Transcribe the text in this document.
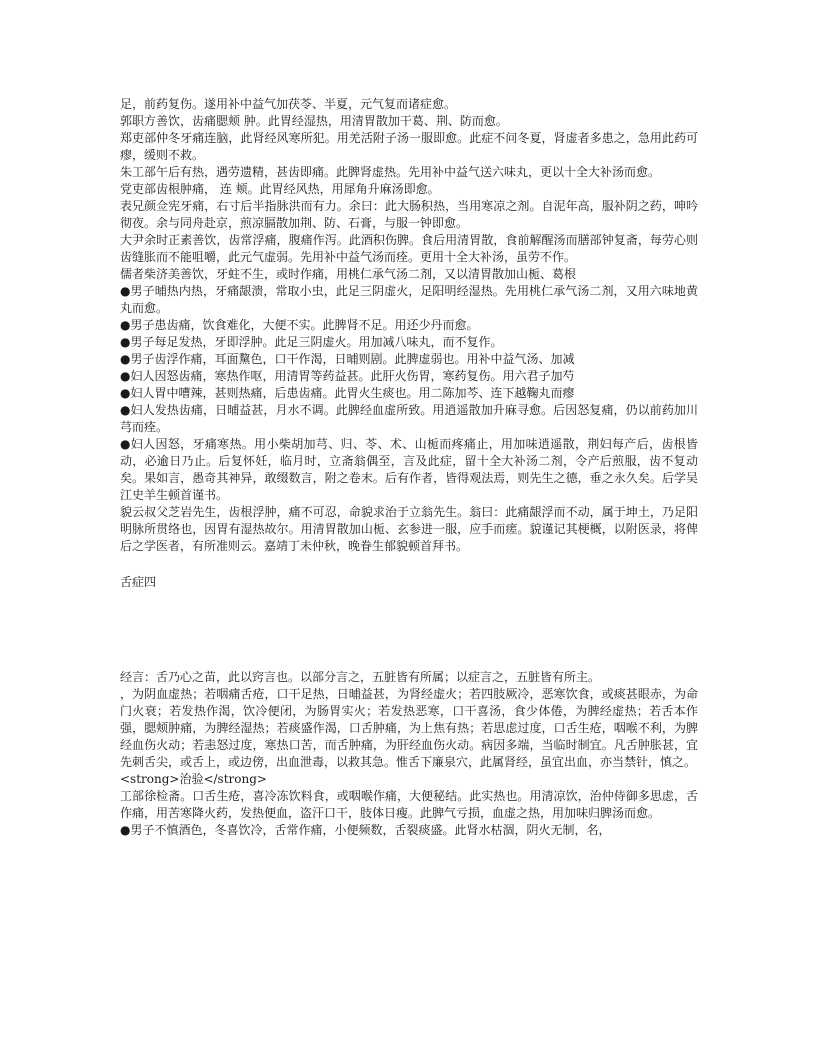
足，前药复伤。遂用补中益气加茯苓、半夏，元气复而诸症愈。

郭职方善饮，齿痛腮颊 肿。此胃经湿热，用清胃散加干葛、荆、防而愈。

郑吏部仲冬牙痛连脑，此肾经风寒所犯。用羌活附子汤一服即愈。此症不问冬夏，肾虚者多患之，急用此药可瘳，缓则不救。

朱工部午后有热，遇劳遗精，甚齿即痛。此脾肾虚热。先用补中益气送六味丸，更以十全大补汤而愈。

党吏部齿根肿痛， 连 颊。此胃经风热，用犀角升麻汤即愈。

表兄颜佥宪牙痛，右寸后半指脉洪而有力。余曰：此大肠积热，当用寒凉之剂。自泥年高，服补阴之药，呻吟彻夜。余与同舟赴京，煎凉膈散加荆、防、石膏，与服一钟即愈。

大尹余时正素善饮，齿常浮痛，腹痛作泻。此酒积伤脾。食后用清胃散，食前解醒汤而膳部钟复斋，每劳心则齿缝胀而不能咀嚼，此元气虚弱。先用补中益气汤而痊。更用十全大补汤，虽劳不作。

儒者柴济美善饮，牙蛀不生，或时作痛，用桃仁承气汤二剂，又以清胃散加山栀、葛根

●男子晡热内热，牙痛龈溃，常取小虫，此足三阴虚火，足阳明经湿热。先用桃仁承气汤二剂，又用六味地黄丸而愈。

●男子患齿痛，饮食难化，大便不实。此脾肾不足。用还少丹而愈。

●男子每足发热，牙即浮肿。此足三阴虚火。用加减八味丸，而不复作。

●男子齿浮作痛，耳面黧色，口干作渴，日晡则剧。此脾虚弱也。用补中益气汤、加减

●妇人因怒齿痛，寒热作呕，用清胃等药益甚。此肝火伤胃，寒药复伤。用六君子加芍

●妇人胃中嘈辣，甚则热痛，后患齿痛。此胃火生痰也。用二陈加芩、连下越鞠丸而瘳

●妇人发热齿痛，日晡益甚，月水不调。此脾经血虚所致。用逍遥散加升麻寻愈。后因怒复痛，仍以前药加川芎而痊。

●妇人因怒，牙痛寒热。用小柴胡加芎、归、苓、术、山栀而疼痛止，用加味逍遥散，荆妇每产后，齿根皆动，必逾日乃止。后复怀妊，临月时，立斋翁偶至，言及此症，留十全大补汤二剂，令产后煎服，齿不复动矣。果如言，愚奇其神异，敢缀数言，附之卷末。后有作者，皆得观法焉，则先生之德，垂之永久矣。后学吴江史羊生顿首谨书。

貌云叔父芝岩先生，齿根浮肿，痛不可忍，命貌求治于立翁先生。翁曰：此痛龈浮而不动，属于坤土，乃足阳明脉所贯络也，因胃有湿热故尔。用清胃散加山栀、玄参进一服，应手而瘥。貌谨记其梗概，以附医录，将俾后之学医者，有所准则云。嘉靖丁未仲秋，晚眷生郁貌顿首拜书。

舌症四

经言：舌乃心之苗，此以窍言也。以部分言之，五脏皆有所属；以症言之，五脏皆有所主。

，为阴血虚热；若咽痛舌疮，口干足热，日晡益甚，为肾经虚火；若四肢厥冷，恶寒饮食，或痰甚眼赤，为命门火衰；若发热作渴，饮冷便闭，为肠胃实火；若发热恶寒，口干喜汤，食少体倦，为脾经虚热；若舌本作强，腮颊肿痛，为脾经湿热；若痰盛作渴，口舌肿痛，为上焦有热；若思虑过度，口舌生疮，咽喉不利，为脾经血伤火动；若恚怒过度，寒热口苦，而舌肿痛，为肝经血伤火动。病因多端，当临时制宜。凡舌肿胀甚，宜先刺舌尖，或舌上，或边傍，出血泄毒，以救其急。惟舌下廉泉穴，此属肾经，虽宜出血，亦当禁针，慎之。

<strong>治验</strong>

工部徐检斋。口舌生疮，喜冷冻饮料食，或咽喉作痛，大便秘结。此实热也。用清凉饮，治仲侍御多思虑，舌作痛，用苦寒降火药，发热便血，盗汗口干，肢体日瘦。此脾气亏损，血虚之热，用加味归脾汤而愈。

●男子不慎酒色，冬喜饮冷，舌常作痛，小便频数，舌裂痰盛。此肾水枯涸，阴火无制，名，
